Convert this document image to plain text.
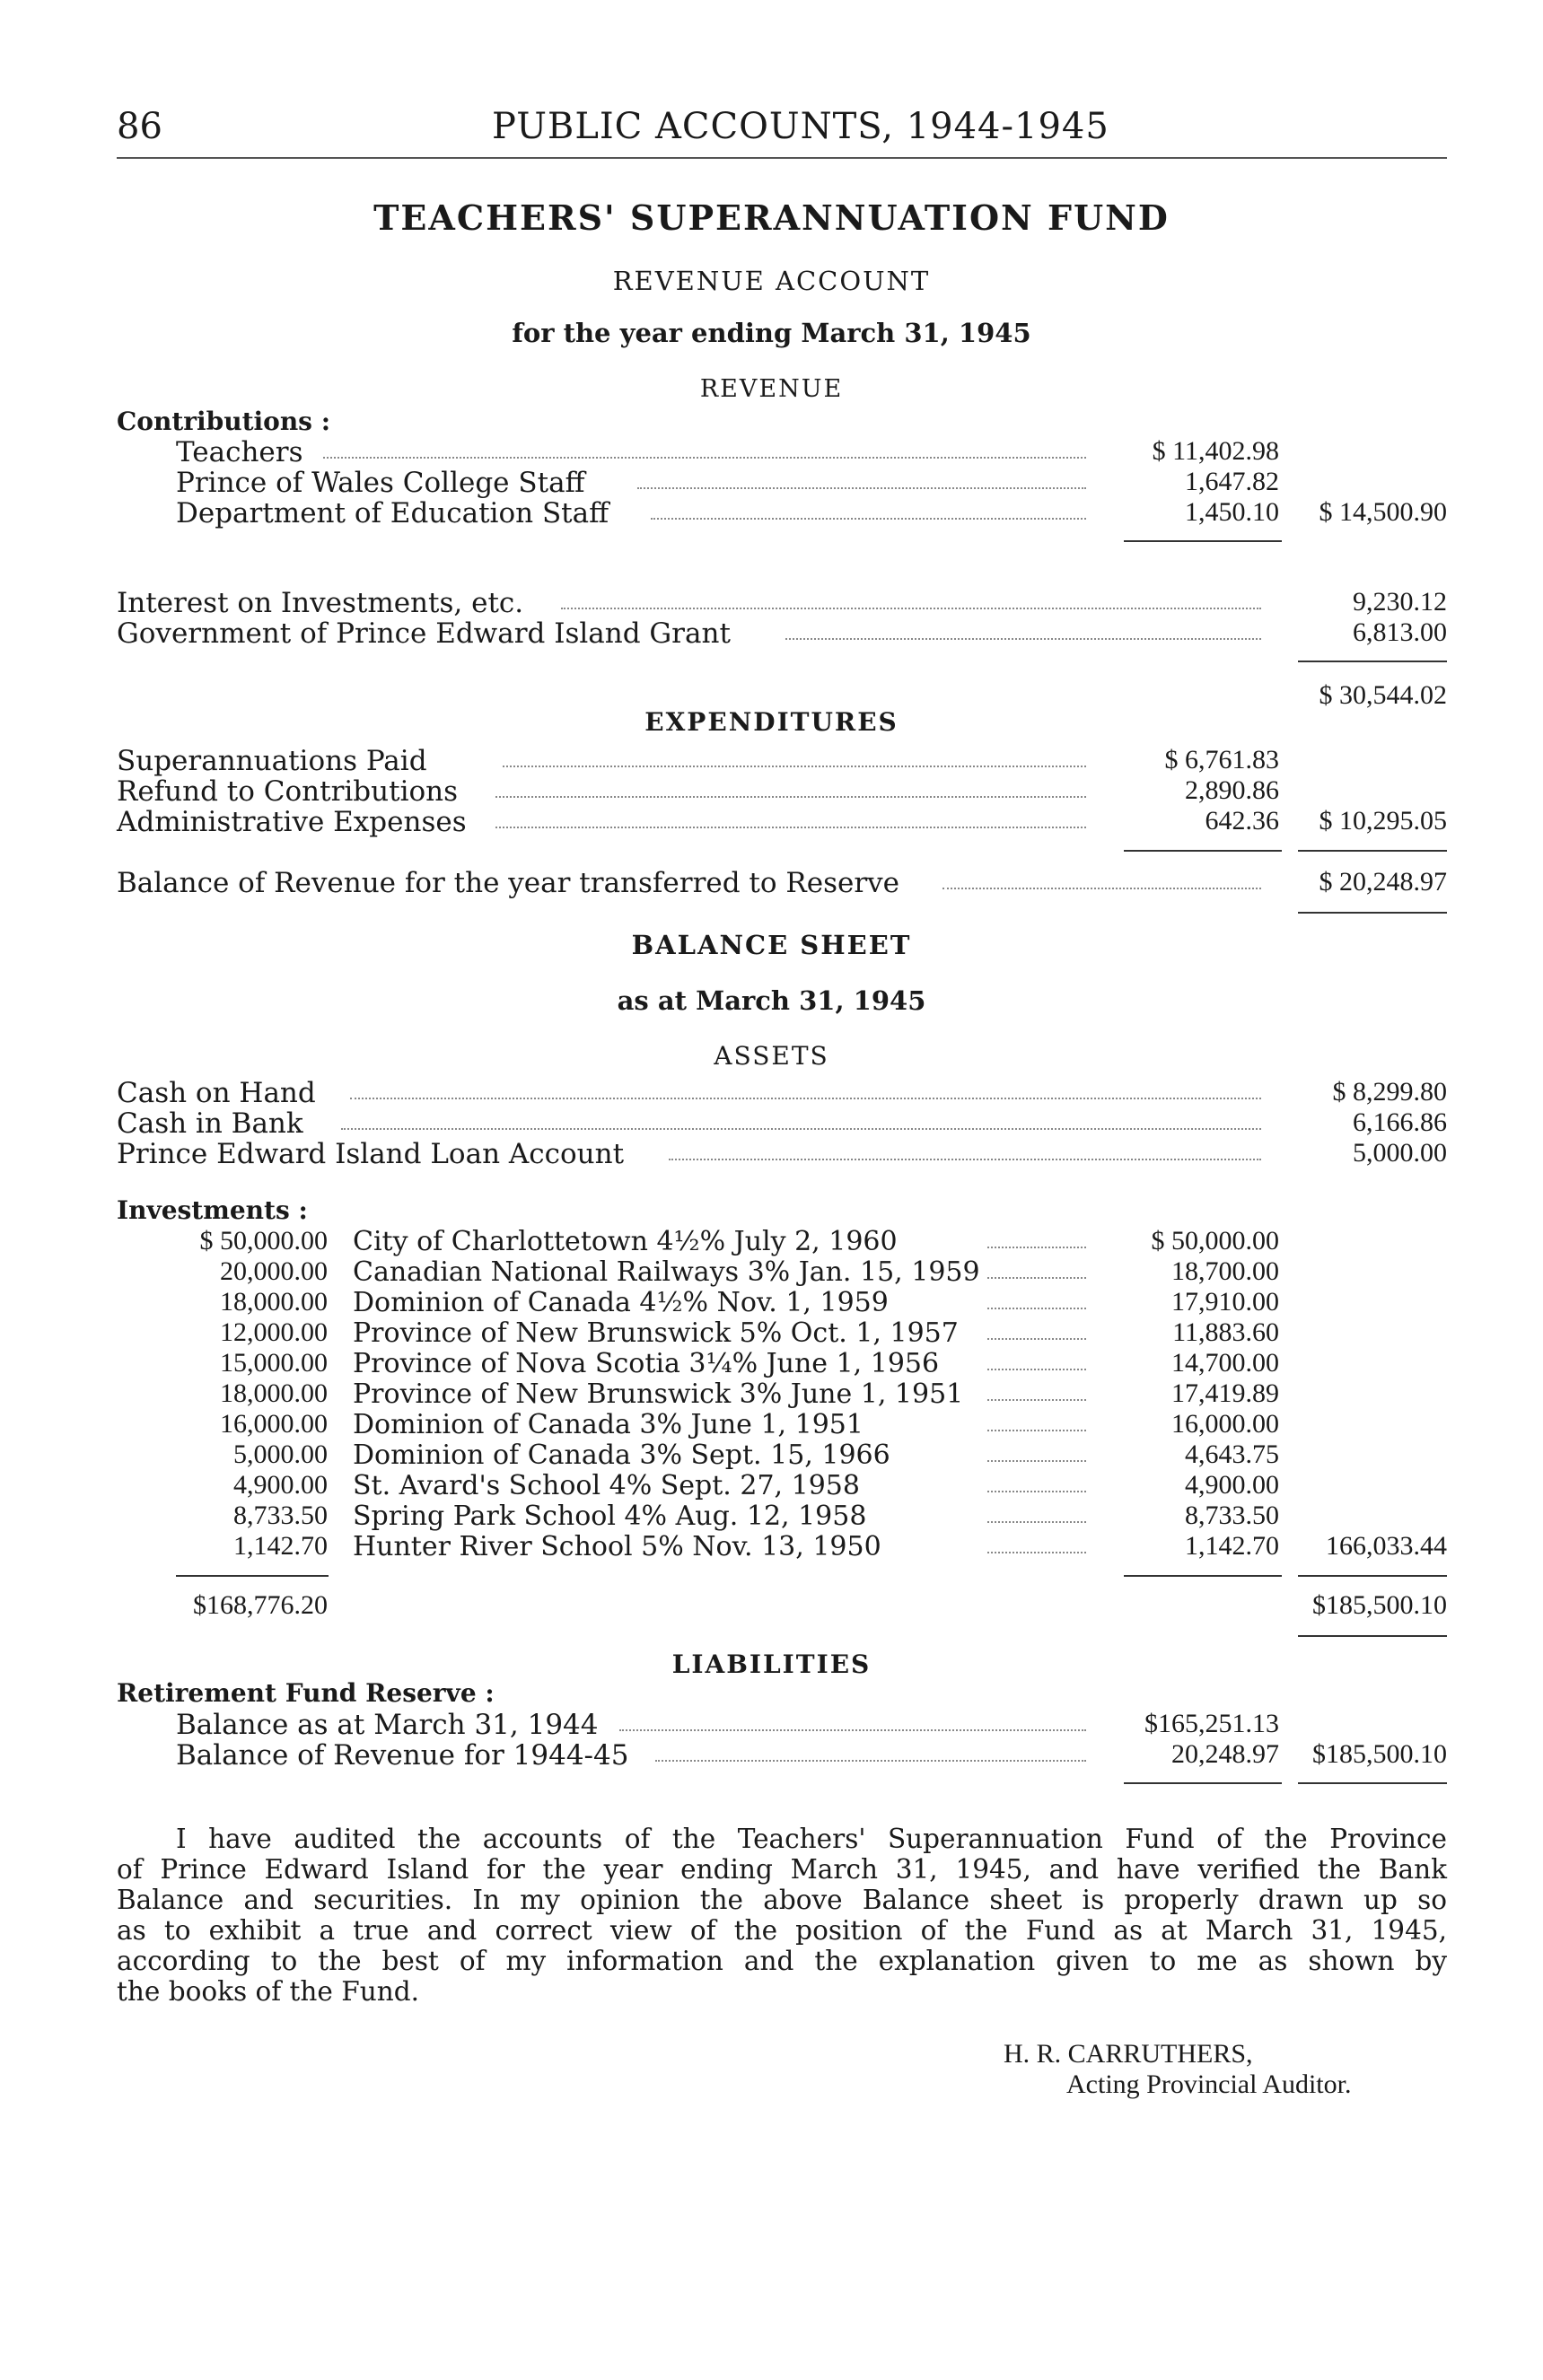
86	PUBLIC ACCOUNTS, 1944-1945
TEACHERS' SUPERANNUATION FUND
REVENUE ACCOUNT
for the year ending March 31, 1945
REVENUE
Contributions :
Teachers	$ 11,402.98
Prince of Wales College Staff	1,647.82
Department of Education Staff	1,450.10	$ 14,500.90
Interest on Investments, etc.	9,230.12
Government of Prince Edward Island Grant	6,813.00
$ 30,544.02
EXPENDITURES
Superannuations Paid	$ 6,761.83
Refund to Contributions	2,890.86
Administrative Expenses	642.36	$ 10,295.05
Balance of Revenue for the year transferred to Reserve	$ 20,248.97
BALANCE SHEET
as at March 31, 1945
ASSETS
Cash on Hand	$ 8,299.80
Cash in Bank	6,166.86
Prince Edward Island Loan Account	5,000.00
Investments :
$ 50,000.00 City of Charlottetown 4½% July 2, 1960	$ 50,000.00
20,000.00 Canadian National Railways 3% Jan. 15, 1959	18,700.00
18,000.00 Dominion of Canada 4½% Nov. 1, 1959	17,910.00
12,000.00 Province of New Brunswick 5% Oct. 1, 1957	11,883.60
15,000.00 Province of Nova Scotia 3¼% June 1, 1956	14,700.00
18,000.00 Province of New Brunswick 3% June 1, 1951	17,419.89
16,000.00 Dominion of Canada 3% June 1, 1951	16,000.00
5,000.00 Dominion of Canada 3% Sept. 15, 1966	4,643.75
4,900.00 St. Avard's School 4% Sept. 27, 1958	4,900.00
8,733.50 Spring Park School 4% Aug. 12, 1958	8,733.50
1,142.70 Hunter River School 5% Nov. 13, 1950	1,142.70	166,033.44
$168,776.20	$185,500.10
LIABILITIES
Retirement Fund Reserve :
Balance as at March 31, 1944	$165,251.13
Balance of Revenue for 1944-45	20,248.97	$185,500.10
I have audited the accounts of the Teachers' Superannuation Fund of the Province
of Prince Edward Island for the year ending March 31, 1945, and have verified the Bank
Balance and securities. In my opinion the above Balance sheet is properly drawn up so
as to exhibit a true and correct view of the position of the Fund as at March 31, 1945,
according to the best of my information and the explanation given to me as shown by
the books of the Fund.
H. R. CARRUTHERS,
Acting Provincial Auditor.
